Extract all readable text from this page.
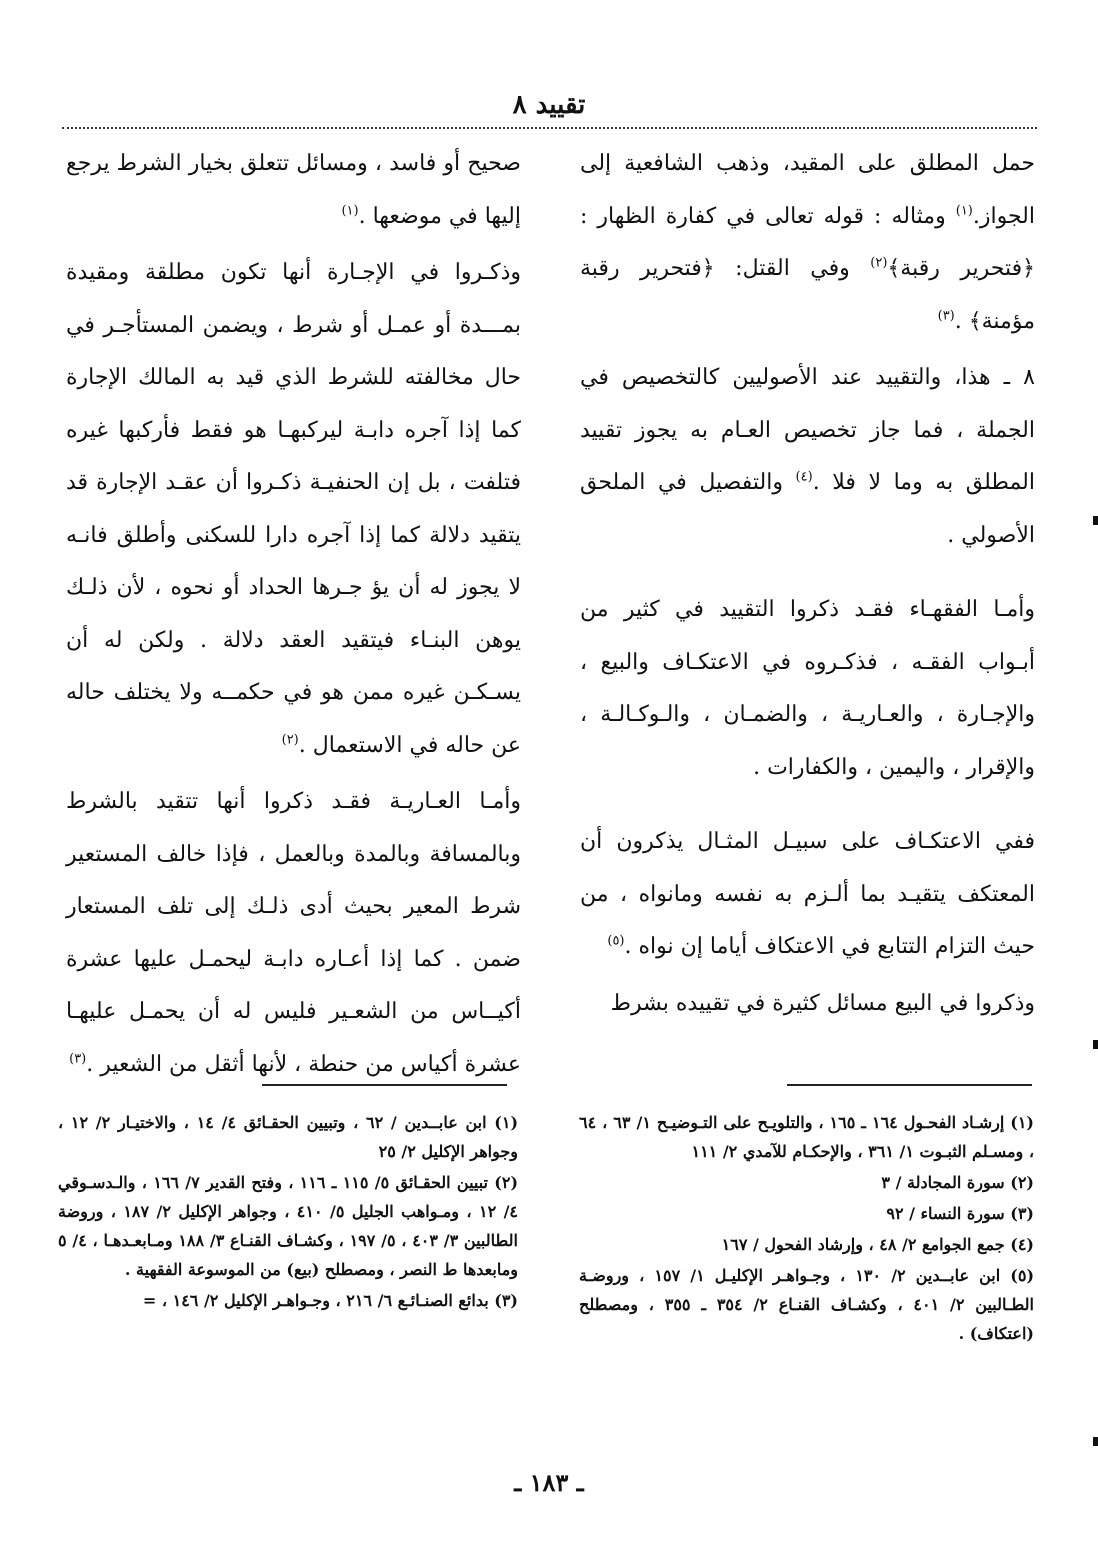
تقييد ٨

حمل المطلق على المقيد، وذهب الشافعية إلى الجواز.$^{(١)}$ ومثاله : قوله تعالى في كفارة الظهار : ﴿فتحرير رقبة﴾$^{(٢)}$ وفي القتل: ﴿فتحرير رقبة مؤمنة﴾ .$^{(٣)}$

٨ ـ هذا، والتقييد عند الأصوليين كالتخصيص في الجملة ، فما جاز تخصيص العـام به يجوز تقييد المطلق به وما لا فلا .$^{(٤)}$ والتفصيل في الملحق الأصولي .

وأمـا الفقهـاء فقـد ذكروا التقييد في كثير من أبـواب الفقـه ، فذكـروه في الاعتكـاف والبيع ، والإجـارة ، والعـاريـة ، والضمـان ، والـوكـالـة ، والإقرار ، واليمين ، والكفارات .

ففي الاعتكـاف على سبيـل المثـال يذكرون أن المعتكف يتقيـد بما ألـزم به نفسه ومانواه ، من حيث التزام التتابع في الاعتكاف أياما إن نواه .$^{(٥)}$

وذكروا في البيع مسائل كثيرة في تقييده بشرط

صحيح أو فاسد ، ومسائل تتعلق بخيار الشرط يرجع إليها في موضعها .$^{(١)}$

وذكـروا في الإجـارة أنها تكون مطلقة ومقيدة بمـــدة أو عمـل أو شرط ، ويضمن المستأجـر في حال مخالفته للشرط الذي قيد به المالك الإجارة كما إذا آجره دابـة ليركبهـا هو فقط فأركبها غيره فتلفت ، بل إن الحنفيـة ذكـروا أن عقـد الإجارة قد يتقيد دلالة كما إذا آجره دارا للسكنى وأطلق فانـه لا يجوز له أن يؤ جـرها الحداد أو نحوه ، لأن ذلـك يوهن البنـاء فيتقيد العقد دلالة . ولكن له أن يسـكـن غيره ممن هو في حكمــه ولا يختلف حاله عن حاله في الاستعمال .$^{(٢)}$

وأمـا العـاريـة فقـد ذكروا أنها تتقيد بالشرط وبالمسافة وبالمدة وبالعمل ، فإذا خالف المستعير شرط المعير بحيث أدى ذلـك إلى تلف المستعار ضمن . كما إذا أعـاره دابـة ليحمـل عليها عشرة أكيــاس من الشعـير فليس له أن يحمـل عليهـا عشرة أكياس من حنطة ، لأنها أثقل من الشعير .$^{(٣)}$

(١) إرشـاد الفحـول ١٦٤ ـ ١٦٥ ، والتلويـح على التـوضيـح ١/ ٦٣ ، ٦٤ ، ومسـلم الثبـوت ١/ ٣٦١ ، والإحكـام للآمدي ٢/ ١١١

(٢) سورة المجادلة / ٣

(٣) سورة النساء / ٩٢

(٤) جمع الجوامع ٢/ ٤٨ ، وإرشاد الفحول / ١٦٧

(٥) ابن عابــدين ٢/ ١٣٠ ، وجـواهـر الإكليـل ١/ ١٥٧ ، وروضـة الطـالبين ٢/ ٤٠١ ، وكشـاف القنـاع ٢/ ٣٥٤ ـ ٣٥٥ ، ومصطلح (اعتكاف) .

(١) ابن عابــدين / ٦٢ ، وتبيين الحقـائق ٤/ ١٤ ، والاختيـار ٢/ ١٢ ، وجواهر الإكليل ٢/ ٢٥

(٢) تبيين الحقـائق ٥/ ١١٥ ـ ١١٦ ، وفتح القدير ٧/ ١٦٦ ، والـدسـوقي ٤/ ١٢ ، ومـواهب الجليل ٥/ ٤١٠ ، وجواهر الإكليل ٢/ ١٨٧ ، وروضة الطالبين ٣/ ٤٠٣ ، ٥/ ١٩٧ ، وكشـاف القنـاع ٣/ ١٨٨ ومـابعـدهـا ، ٤/ ٥ ومابعدها ط النصر ، ومصطلح (بيع) من الموسوعة الفقهية .

(٣) بدائع الصنـائـع ٦/ ٢١٦ ، وجـواهـر الإكليل ٢/ ١٤٦ ، =

ـ ١٨٣ ـ
